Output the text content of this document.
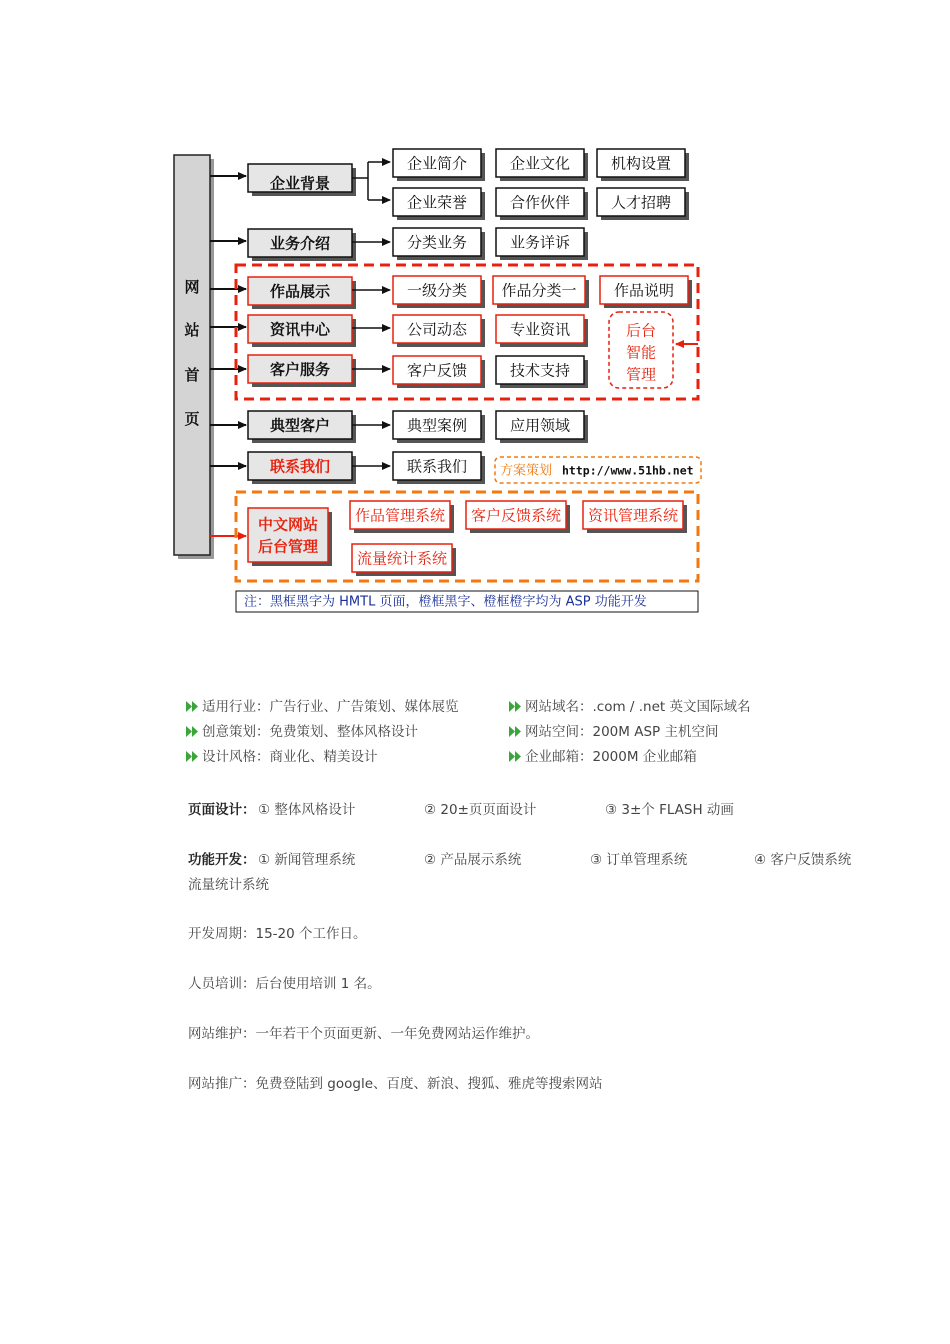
网
站
首
页
企业背景
业务介绍
作品展示
资讯中心
客户服务
典型客户
联系我们
中文网站
后台管理
企业简介	企业文化	机构设置
企业荣誉	合作伙伴	人才招聘
分类业务	业务详诉
技术支持
典型案例	应用领域
联系我们
一级分类 作品分类一 作品说明
公司动态	专业资讯
客户反馈
后台
智能
管理
方案策划 http://www.51hb.net
作品管理系统 客户反馈系统 资讯管理系统
流量统计系统
注：黑框黑字为 HMTL 页面，橙框黑字、橙框橙字均为 ASP 功能开发
适用行业：广告行业、广告策划、媒体展览
创意策划：免费策划、整体风格设计
设计风格：商业化、精美设计
网站域名：.com / .net 英文国际域名
网站空间：200M ASP 主机空间
企业邮箱：2000M 企业邮箱
页面设计： ① 整体风格设计	② 20±页页面设计	③ 3±个 FLASH 动画
功能开发： ① 新闻管理系统	② 产品展示系统	③ 订单管理系统	④ 客户反馈系统
流量统计系统
开发周期：15-20 个工作日。
人员培训：后台使用培训 1 名。
网站维护：一年若干个页面更新、一年免费网站运作维护。
网站推广：免费登陆到 google、百度、新浪、搜狐、雅虎等搜索网站
